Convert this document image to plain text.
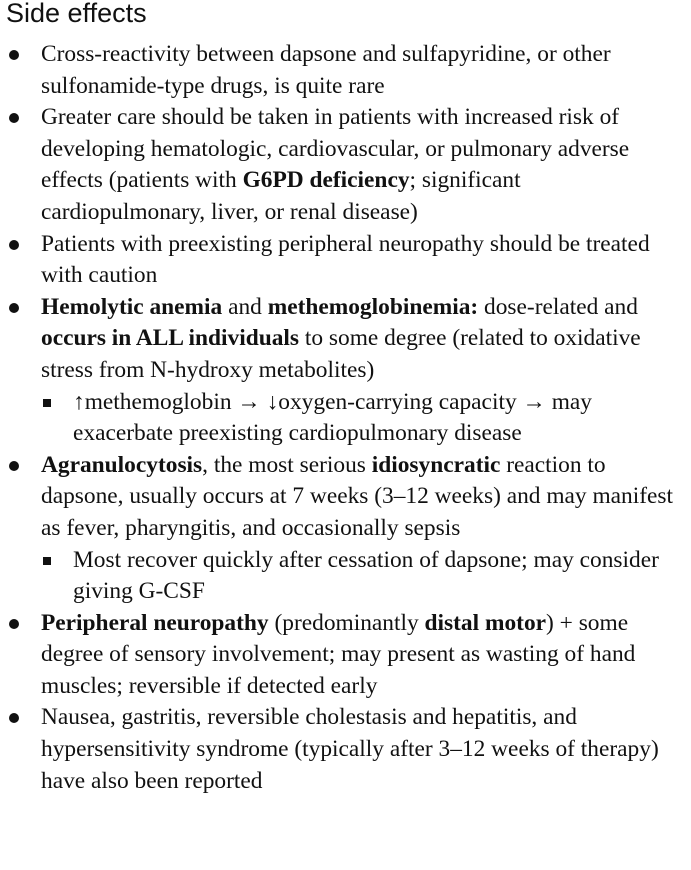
Side effects
Cross-reactivity between dapsone and sulfapyridine, or other sulfonamide-type drugs, is quite rare
Greater care should be taken in patients with increased risk of developing hematologic, cardiovascular, or pulmonary adverse effects (patients with G6PD deficiency; significant cardiopulmonary, liver, or renal disease)
Patients with preexisting peripheral neuropathy should be treated with caution
Hemolytic anemia and methemoglobinemia: dose-related and occurs in ALL individuals to some degree (related to oxidative stress from N-hydroxy metabolites)
↑methemoglobin → ↓oxygen-carrying capacity → may exacerbate preexisting cardiopulmonary disease
Agranulocytosis, the most serious idiosyncratic reaction to dapsone, usually occurs at 7 weeks (3–12 weeks) and may manifest as fever, pharyngitis, and occasionally sepsis
Most recover quickly after cessation of dapsone; may consider giving G-CSF
Peripheral neuropathy (predominantly distal motor) + some degree of sensory involvement; may present as wasting of hand muscles; reversible if detected early
Nausea, gastritis, reversible cholestasis and hepatitis, and hypersensitivity syndrome (typically after 3–12 weeks of therapy) have also been reported
